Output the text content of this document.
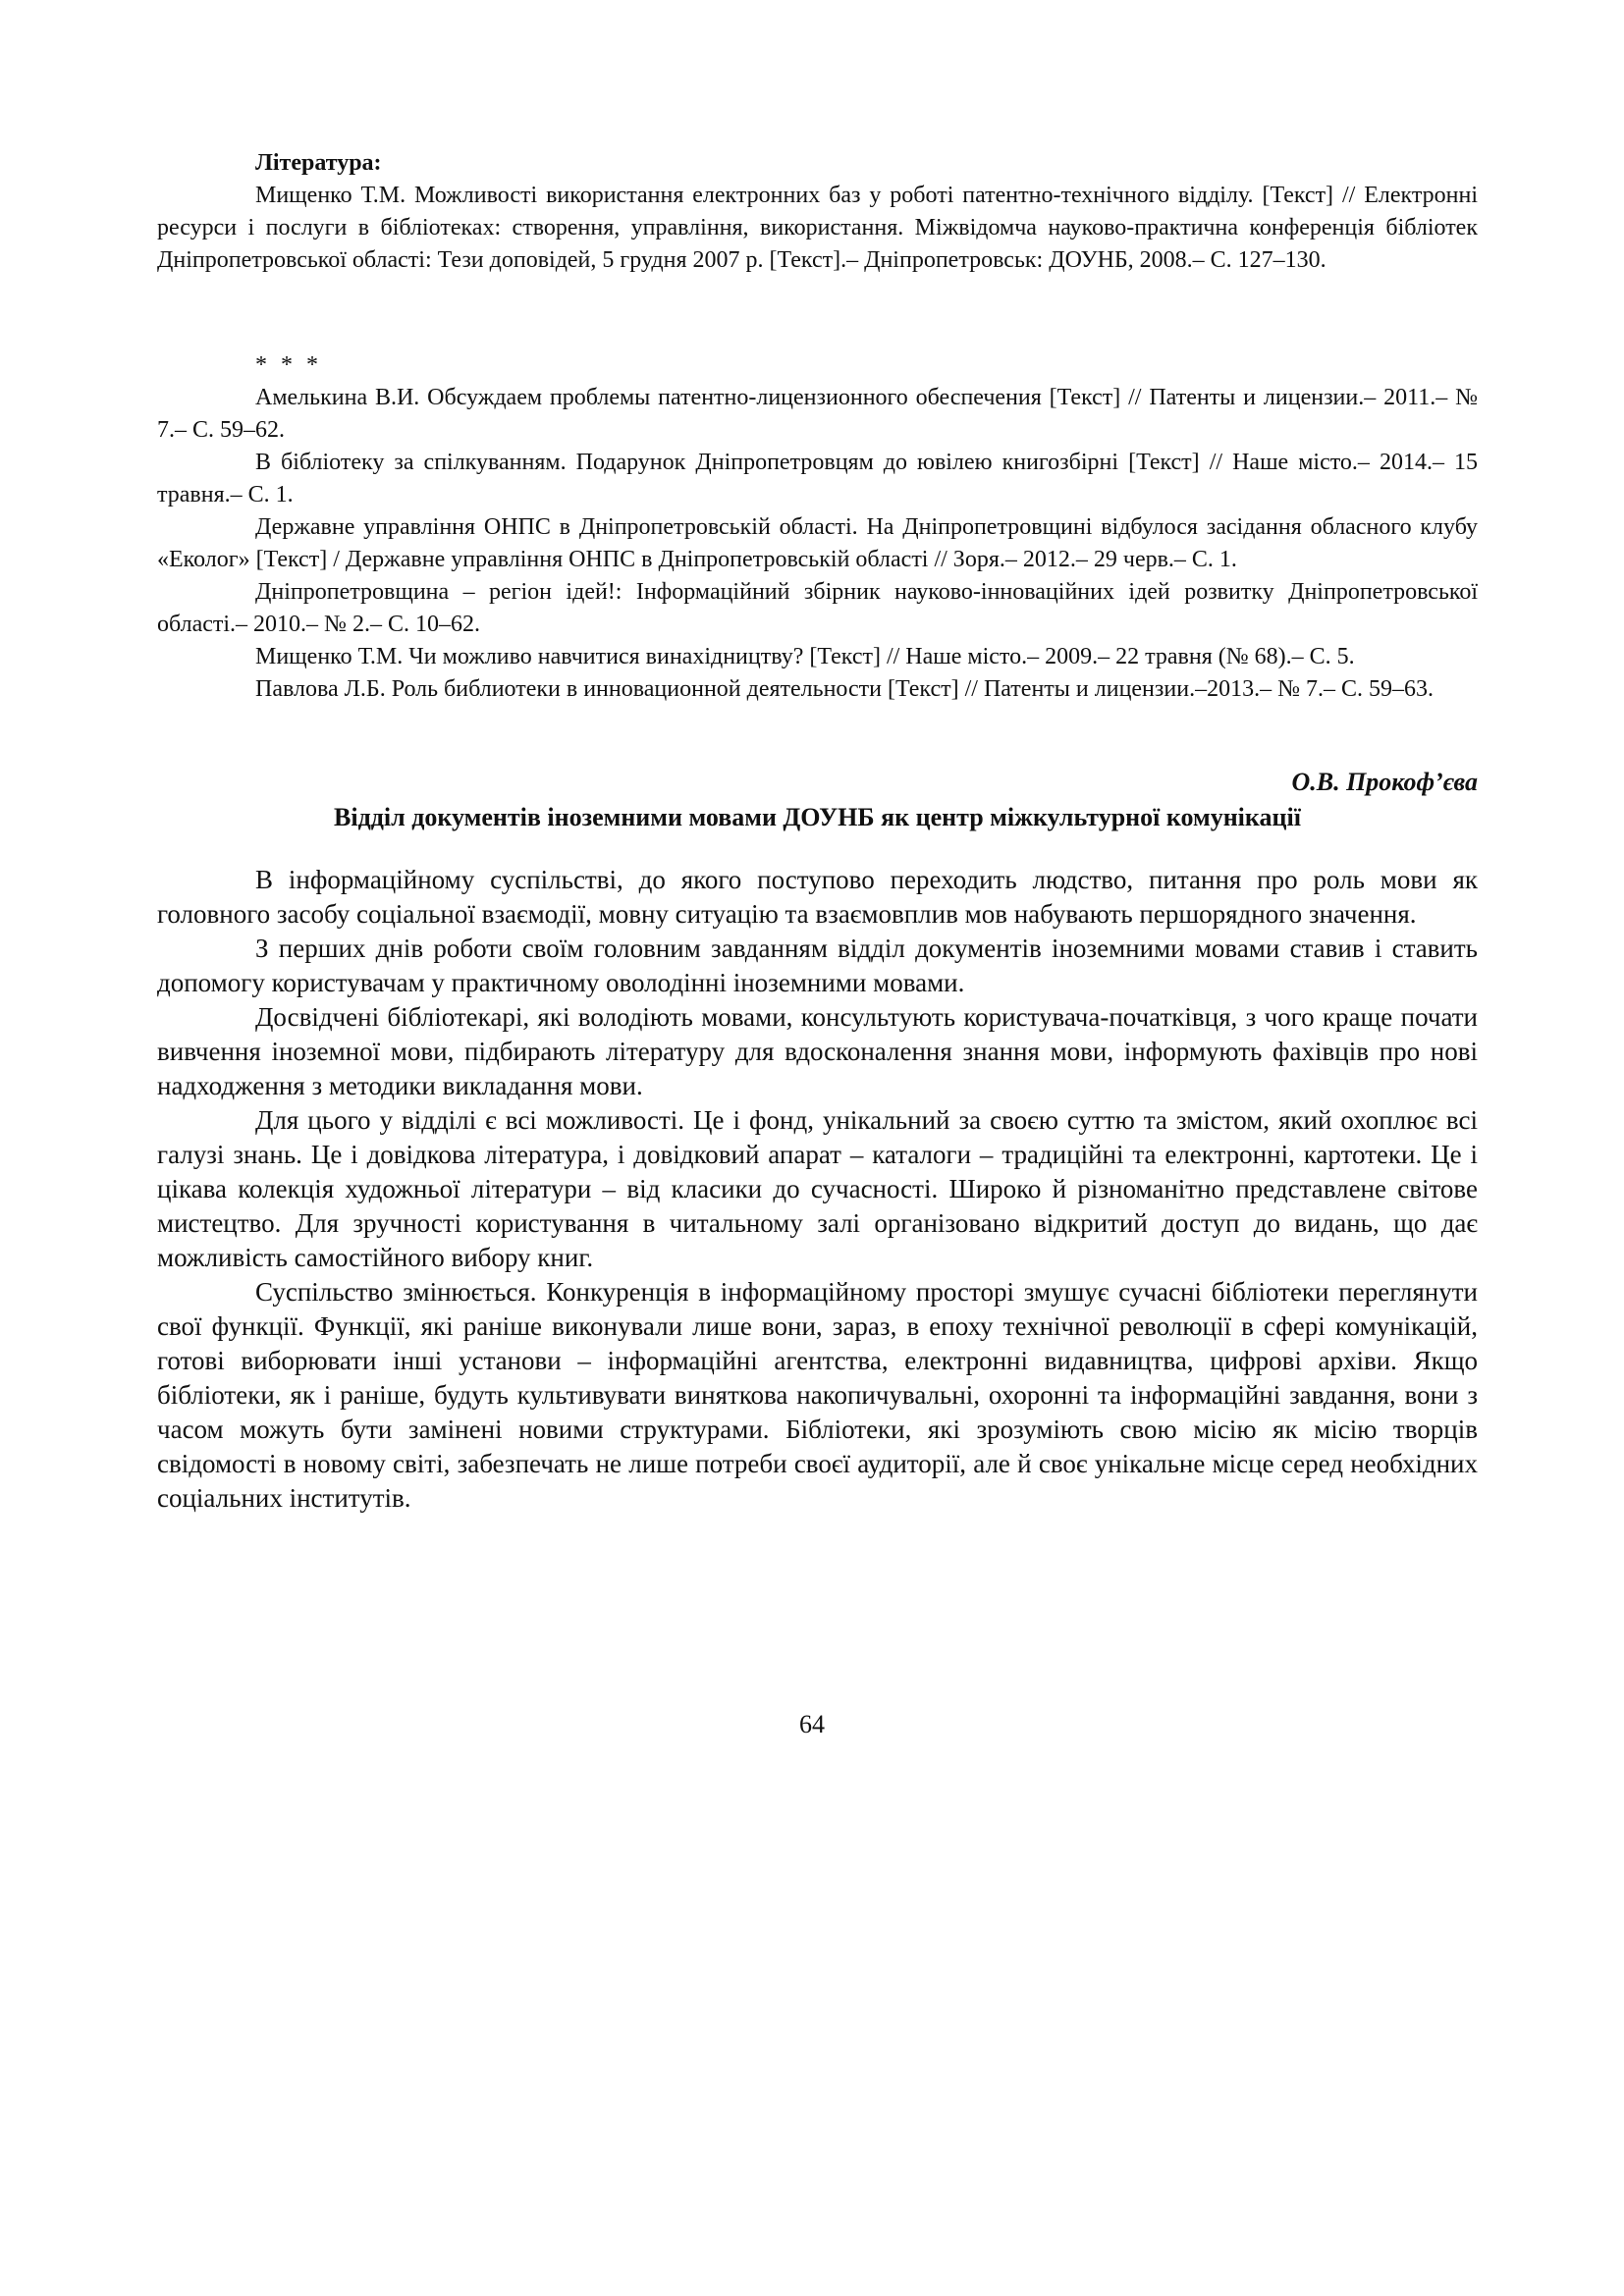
Література:

Мищенко Т.М. Можливості використання електронних баз у роботі патентно-технічного відділу. [Текст] // Електронні ресурси і послуги в бібліотеках: створення, управління, використання. Міжвідомча науково-практична конференція бібліотек Дніпропетровської області: Тези доповідей, 5 грудня 2007 р. [Текст].– Дніпропетровськ: ДОУНБ, 2008.– С. 127–130.

* * *

Амелькина В.И. Обсуждаем проблемы патентно-лицензионного обеспечения [Текст] // Патенты и лицензии.– 2011.– № 7.– С. 59–62.

В бібліотеку за спілкуванням. Подарунок Дніпропетровцям до ювілею книгозбірні [Текст] // Наше місто.– 2014.– 15 травня.– С. 1.

Державне управління ОНПС в Дніпропетровській області. На Дніпропетровщині відбулося засідання обласного клубу «Еколог» [Текст] / Державне управління ОНПС в Дніпропетровській області // Зоря.– 2012.– 29 черв.– С. 1.

Дніпропетровщина – регіон ідей!: Інформаційний збірник науково-інноваційних ідей розвитку Дніпропетровської області.– 2010.– № 2.– С. 10–62.

Мищенко Т.М. Чи можливо навчитися винахідництву? [Текст] // Наше місто.– 2009.– 22 травня (№ 68).– С. 5.

Павлова Л.Б. Роль библиотеки в инновационной деятельности [Текст] // Патенты и лицензии.–2013.– № 7.– С. 59–63.

О.В. Прокоф’єва

Відділ документів іноземними мовами ДОУНБ як центр міжкультурної комунікації

В інформаційному суспільстві, до якого поступово переходить людство, питання про роль мови як головного засобу соціальної взаємодії, мовну ситуацію та взаємовплив мов набувають першорядного значення.

З перших днів роботи своїм головним завданням відділ документів іноземними мовами ставив і ставить допомогу користувачам у практичному оволодінні іноземними мовами.

Досвідчені бібліотекарі, які володіють мовами, консультують користувача-початківця, з чого краще почати вивчення іноземної мови, підбирають літературу для вдосконалення знання мови, інформують фахівців про нові надходження з методики викладання мови.

Для цього у відділі є всі можливості. Це і фонд, унікальний за своєю суттю та змістом, який охоплює всі галузі знань. Це і довідкова література, і довідковий апарат – каталоги – традиційні та електронні, картотеки. Це і цікава колекція художньої літератури – від класики до сучасності. Широко й різноманітно представлене світове мистецтво. Для зручності користування в читальному залі організовано відкритий доступ до видань, що дає можливість самостійного вибору книг.

Суспільство змінюється. Конкуренція в інформаційному просторі змушує сучасні бібліотеки переглянути свої функції. Функції, які раніше виконували лише вони, зараз, в епоху технічної революції в сфері комунікацій, готові виборювати інші установи – інформаційні агентства, електронні видавництва, цифрові архіви. Якщо бібліотеки, як і раніше, будуть культивувати виняткова накопичувальні, охоронні та інформаційні завдання, вони з часом можуть бути замінені новими структурами. Бібліотеки, які зрозуміють свою місію як місію творців свідомості в новому світі, забезпечать не лише потреби своєї аудиторії, але й своє унікальне місце серед необхідних соціальних інститутів.

64
